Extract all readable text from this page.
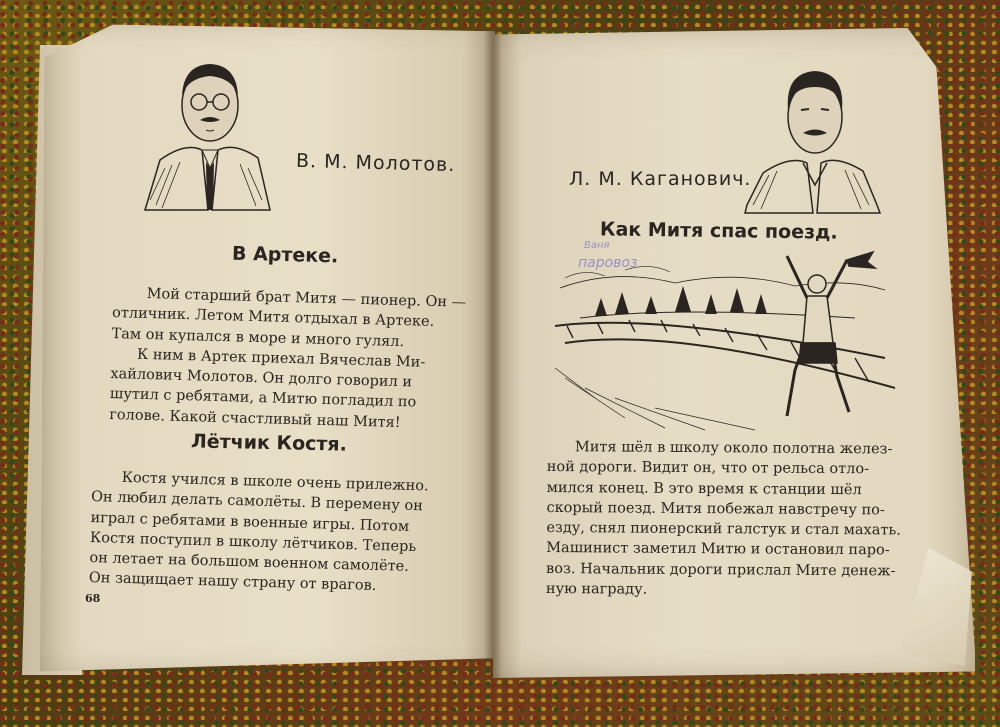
В. М. Молотов.
В Артеке.
Мой старший брат Митя — пионер. Он —
отличник. Летом Митя отдыхал в Артеке.
Там он купался в море и много гулял.
К ним в Артек приехал Вячеслав Ми-
хайлович Молотов. Он долго говорил и
шутил с ребятами, а Митю погладил по
голове. Какой счастливый наш Митя!
Лётчик Костя.
Костя учился в школе очень прилежно.
Он любил делать самолёты. В перемену он
играл с ребятами в военные игры. Потом
Костя поступил в школу лётчиков. Теперь
он летает на большом военном самолёте.
Он защищает нашу страну от врагов.
68
Л. М. Каганович.
Как Митя спас поезд.
Ваня
паровоз
Митя шёл в школу около полотна желез-
ной дороги. Видит он, что от рельса отло-
мился конец. В это время к станции шёл
скорый поезд. Митя побежал навстречу по-
езду, снял пионерский галстук и стал махать.
Машинист заметил Митю и остановил паро-
воз. Начальник дороги прислал Мите денеж-
ную награду.
